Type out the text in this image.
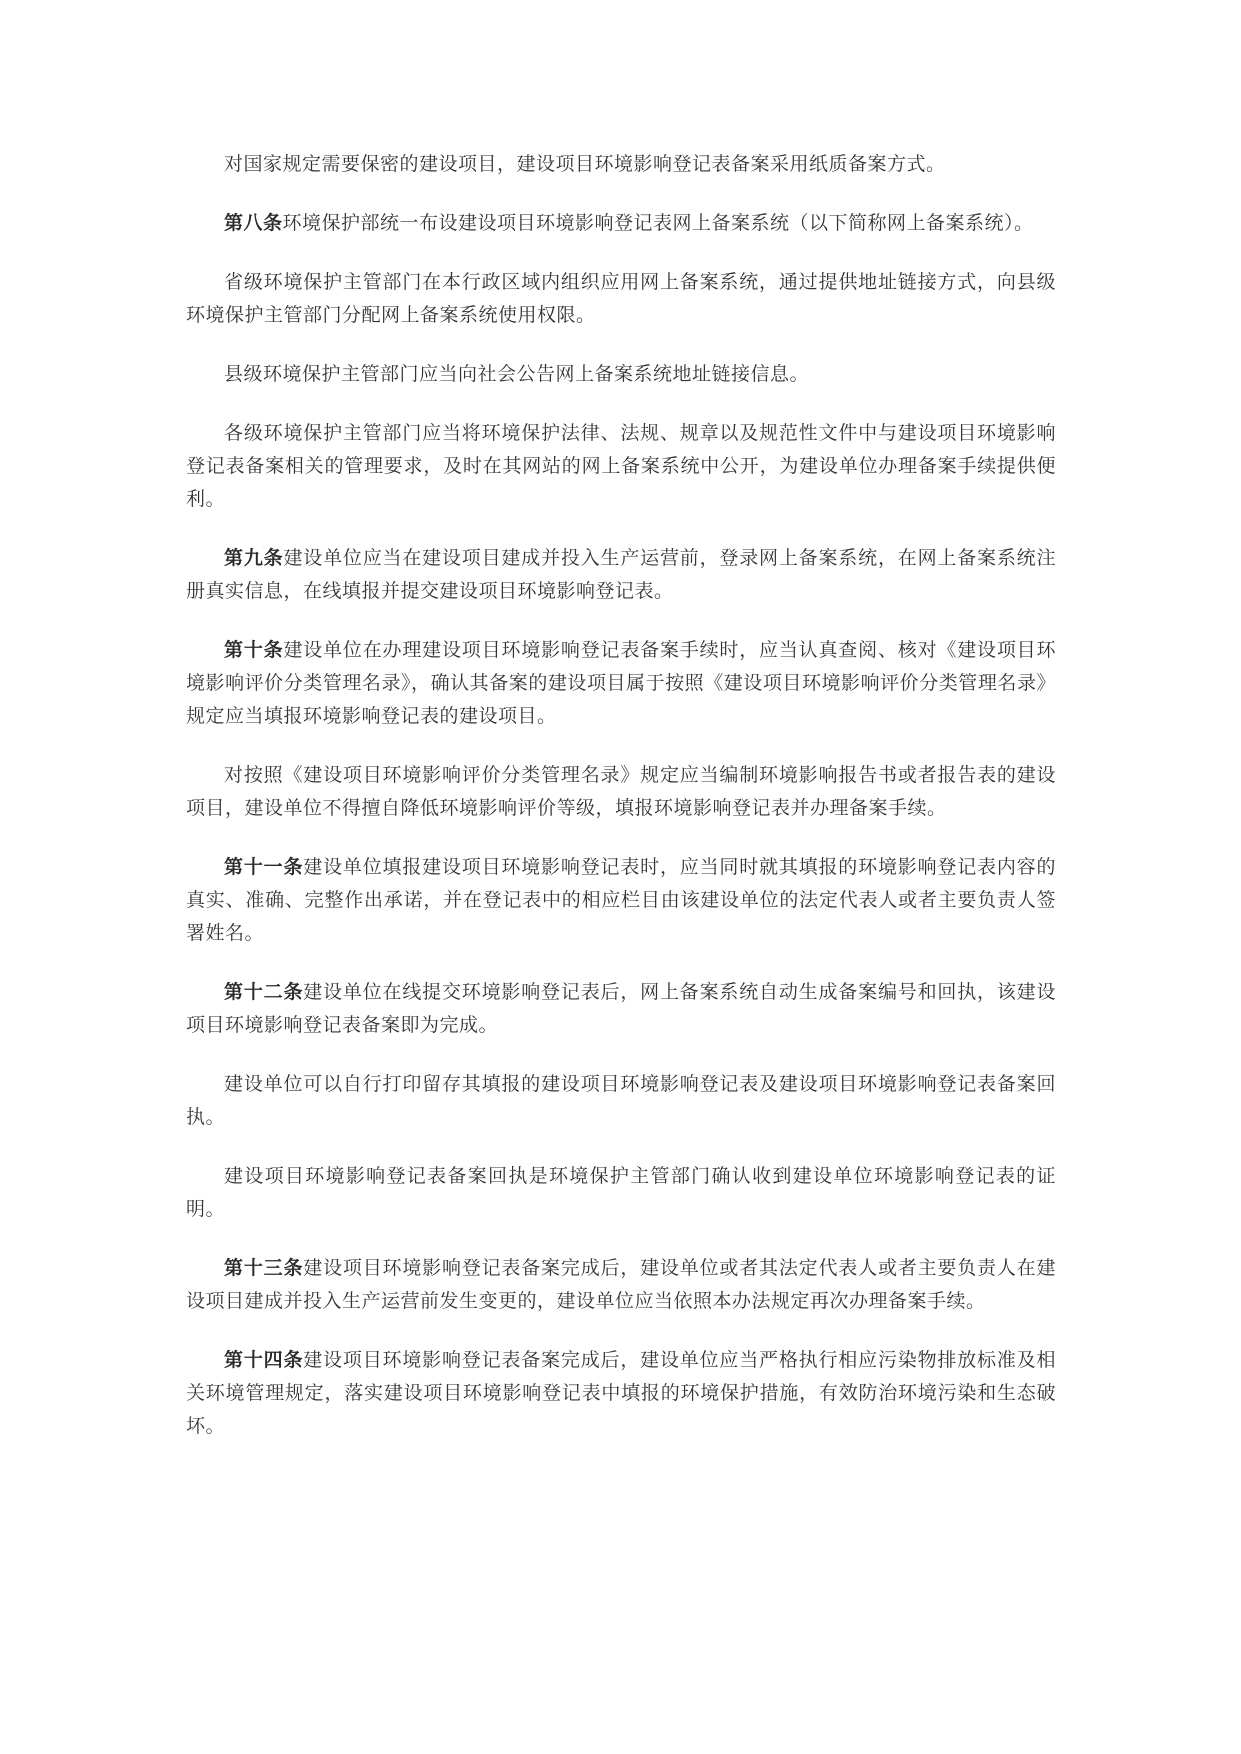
对国家规定需要保密的建设项目，建设项目环境影响登记表备案采用纸质备案方式。

第八条环境保护部统一布设建设项目环境影响登记表网上备案系统（以下简称网上备案系统）。

省级环境保护主管部门在本行政区域内组织应用网上备案系统，通过提供地址链接方式，向县级环境保护主管部门分配网上备案系统使用权限。

县级环境保护主管部门应当向社会公告网上备案系统地址链接信息。

各级环境保护主管部门应当将环境保护法律、法规、规章以及规范性文件中与建设项目环境影响登记表备案相关的管理要求，及时在其网站的网上备案系统中公开，为建设单位办理备案手续提供便利。

第九条建设单位应当在建设项目建成并投入生产运营前，登录网上备案系统，在网上备案系统注册真实信息，在线填报并提交建设项目环境影响登记表。

第十条建设单位在办理建设项目环境影响登记表备案手续时，应当认真查阅、核对《建设项目环境影响评价分类管理名录》，确认其备案的建设项目属于按照《建设项目环境影响评价分类管理名录》规定应当填报环境影响登记表的建设项目。

对按照《建设项目环境影响评价分类管理名录》规定应当编制环境影响报告书或者报告表的建设项目，建设单位不得擅自降低环境影响评价等级，填报环境影响登记表并办理备案手续。

第十一条建设单位填报建设项目环境影响登记表时，应当同时就其填报的环境影响登记表内容的真实、准确、完整作出承诺，并在登记表中的相应栏目由该建设单位的法定代表人或者主要负责人签署姓名。

第十二条建设单位在线提交环境影响登记表后，网上备案系统自动生成备案编号和回执，该建设项目环境影响登记表备案即为完成。

建设单位可以自行打印留存其填报的建设项目环境影响登记表及建设项目环境影响登记表备案回执。

建设项目环境影响登记表备案回执是环境保护主管部门确认收到建设单位环境影响登记表的证明。

第十三条建设项目环境影响登记表备案完成后，建设单位或者其法定代表人或者主要负责人在建设项目建成并投入生产运营前发生变更的，建设单位应当依照本办法规定再次办理备案手续。

第十四条建设项目环境影响登记表备案完成后，建设单位应当严格执行相应污染物排放标准及相关环境管理规定，落实建设项目环境影响登记表中填报的环境保护措施，有效防治环境污染和生态破坏。
